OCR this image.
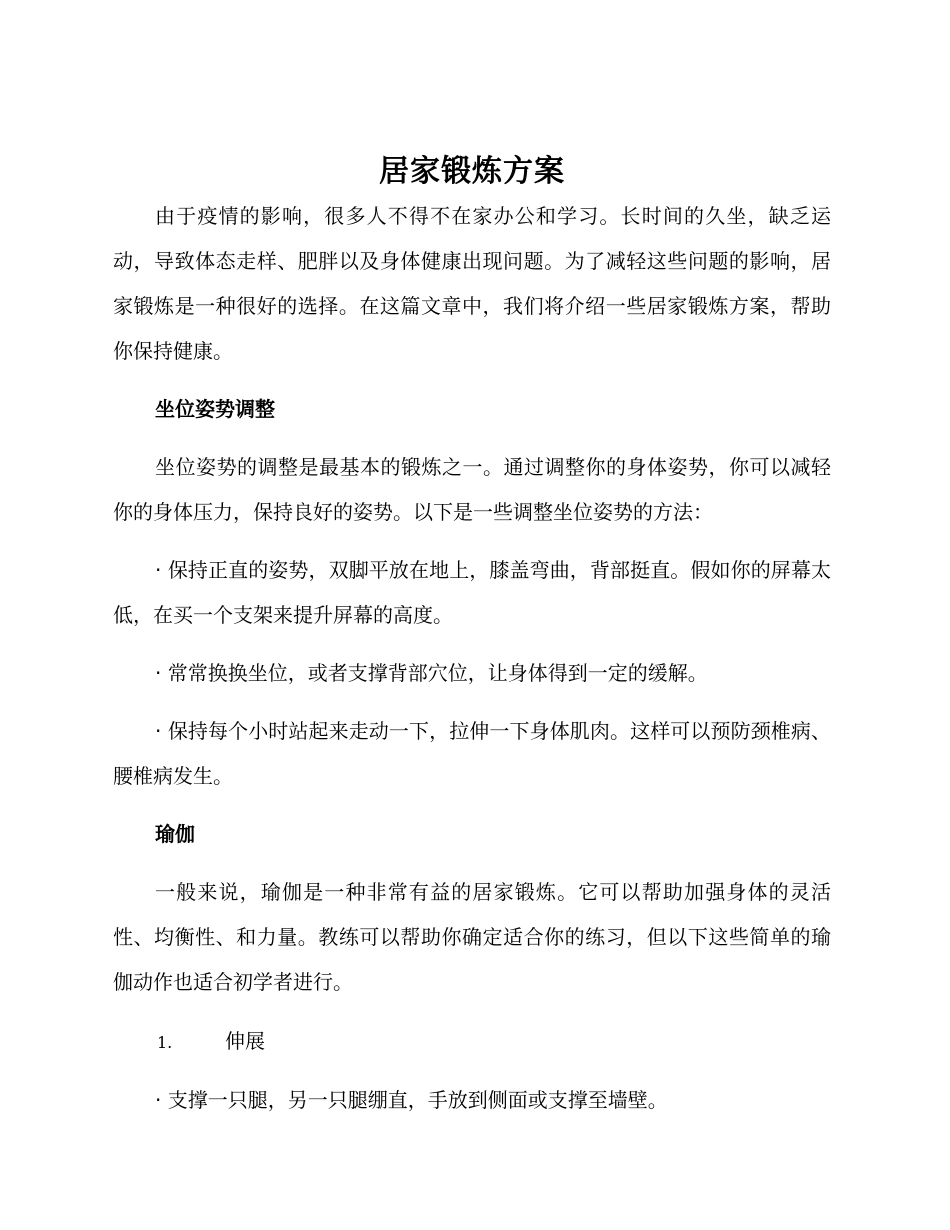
居家锻炼方案

由于疫情的影响，很多人不得不在家办公和学习。长时间的久坐，缺乏运动，导致体态走样、肥胖以及身体健康出现问题。为了减轻这些问题的影响，居家锻炼是一种很好的选择。在这篇文章中，我们将介绍一些居家锻炼方案，帮助你保持健康。

坐位姿势调整

坐位姿势的调整是最基本的锻炼之一。通过调整你的身体姿势，你可以减轻你的身体压力，保持良好的姿势。以下是一些调整坐位姿势的方法：

· 保持正直的姿势，双脚平放在地上，膝盖弯曲，背部挺直。假如你的屏幕太低，在买一个支架来提升屏幕的高度。

· 常常换换坐位，或者支撑背部穴位，让身体得到一定的缓解。

· 保持每个小时站起来走动一下，拉伸一下身体肌肉。这样可以预防颈椎病、腰椎病发生。

瑜伽

一般来说，瑜伽是一种非常有益的居家锻炼。它可以帮助加强身体的灵活性、均衡性、和力量。教练可以帮助你确定适合你的练习，但以下这些简单的瑜伽动作也适合初学者进行。

1.	伸展

· 支撑一只腿，另一只腿绷直，手放到侧面或支撑至墙壁。
